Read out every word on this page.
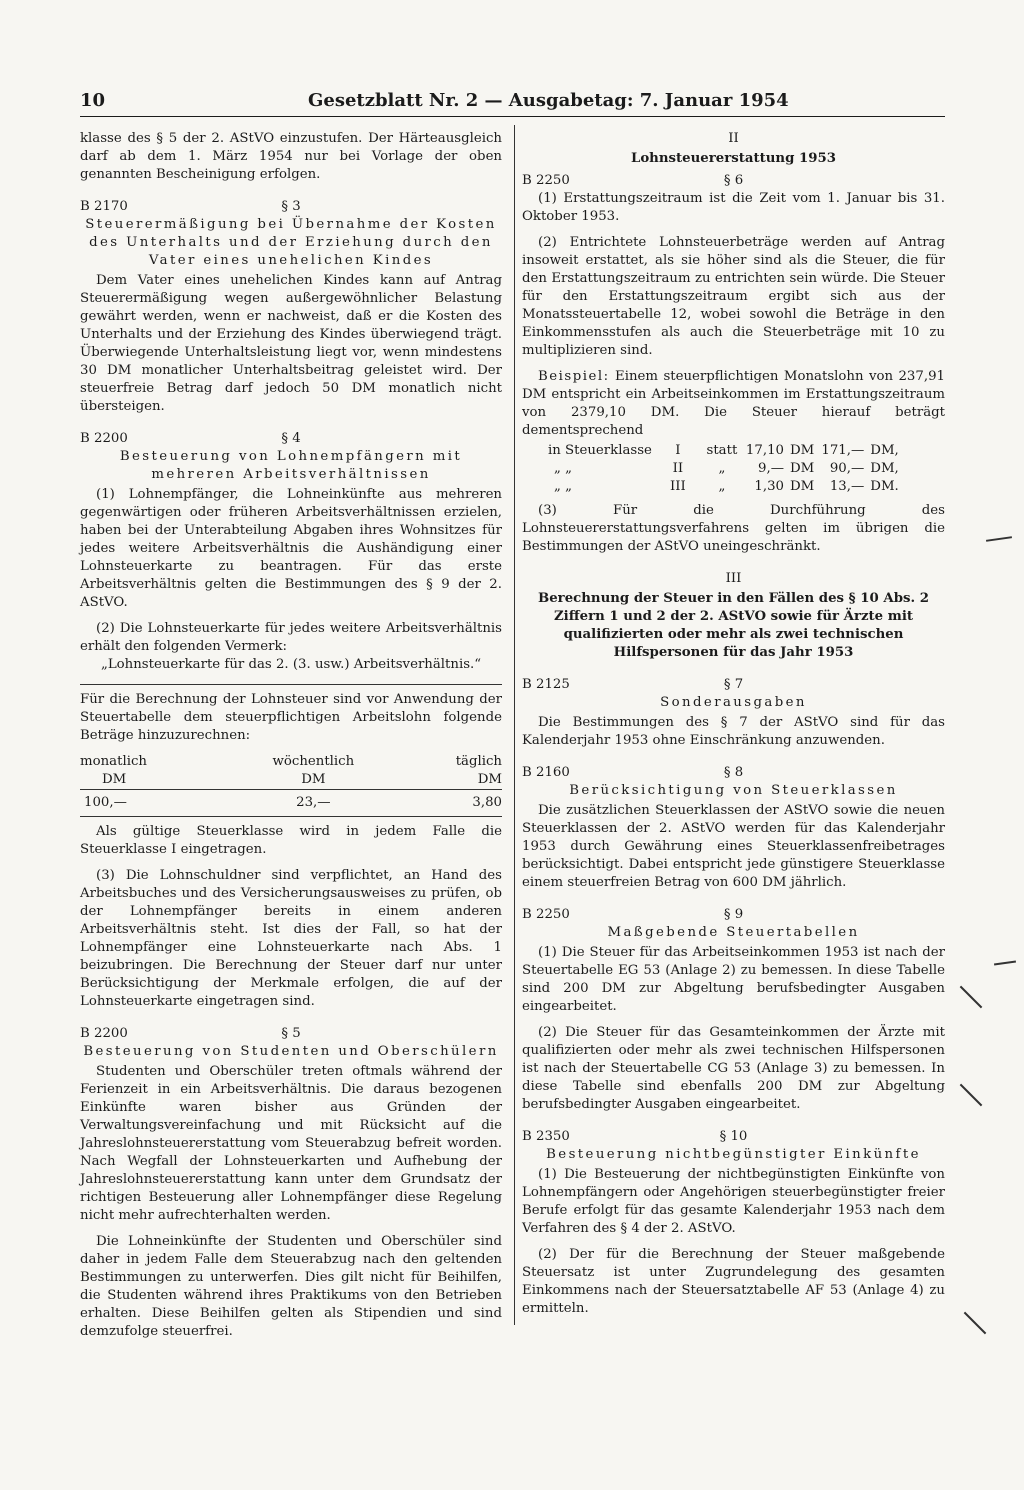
10	Gesetzblatt Nr. 2 — Ausgabetag: 7. Januar 1954

klasse des § 5 der 2. AStVO einzustufen. Der Härteausgleich darf ab dem 1. März 1954 nur bei Vorlage der oben genannten Bescheinigung erfolgen.

B 2170	§ 3

Steuerermäßigung bei Übernahme der Kosten des Unterhalts und der Erziehung durch den Vater eines unehelichen Kindes

Dem Vater eines unehelichen Kindes kann auf Antrag Steuerermäßigung wegen außergewöhnlicher Belastung gewährt werden, wenn er nachweist, daß er die Kosten des Unterhalts und der Erziehung des Kindes überwiegend trägt. Überwiegende Unterhaltsleistung liegt vor, wenn mindestens 30 DM monatlicher Unterhaltsbeitrag geleistet wird. Der steuerfreie Betrag darf jedoch 50 DM monatlich nicht übersteigen.

B 2200	§ 4

Besteuerung von Lohnempfängern mit mehreren Arbeitsverhältnissen

(1) Lohnempfänger, die Lohneinkünfte aus mehreren gegenwärtigen oder früheren Arbeitsverhältnissen erzielen, haben bei der Unterabteilung Abgaben ihres Wohnsitzes für jedes weitere Arbeitsverhältnis die Aushändigung einer Lohnsteuerkarte zu beantragen. Für das erste Arbeitsverhältnis gelten die Bestimmungen des § 9 der 2. AStVO.

(2) Die Lohnsteuerkarte für jedes weitere Arbeitsverhältnis erhält den folgenden Vermerk:

„Lohnsteuerkarte für das 2. (3. usw.) Arbeitsverhältnis.“

Für die Berechnung der Lohnsteuer sind vor Anwendung der Steuertabelle dem steuerpflichtigen Arbeitslohn folgende Beträge hinzuzurechnen:

monatlich	wöchentlich	täglich
DM	DM	DM

100,—	23,—	3,80

Als gültige Steuerklasse wird in jedem Falle die Steuerklasse I eingetragen.

(3) Die Lohnschuldner sind verpflichtet, an Hand des Arbeitsbuches und des Versicherungsausweises zu prüfen, ob der Lohnempfänger bereits in einem anderen Arbeitsverhältnis steht. Ist dies der Fall, so hat der Lohnempfänger eine Lohnsteuerkarte nach Abs. 1 beizubringen. Die Berechnung der Steuer darf nur unter Berücksichtigung der Merkmale erfolgen, die auf der Lohnsteuerkarte eingetragen sind.

B 2200	§ 5

Besteuerung von Studenten und Oberschülern

Studenten und Oberschüler treten oftmals während der Ferienzeit in ein Arbeitsverhältnis. Die daraus bezogenen Einkünfte waren bisher aus Gründen der Verwaltungsvereinfachung und mit Rücksicht auf die Jahreslohnsteuererstattung vom Steuerabzug befreit worden. Nach Wegfall der Lohnsteuerkarten und Aufhebung der Jahreslohnsteuererstattung kann unter dem Grundsatz der richtigen Besteuerung aller Lohnempfänger diese Regelung nicht mehr aufrechterhalten werden.

Die Lohneinkünfte der Studenten und Oberschüler sind daher in jedem Falle dem Steuerabzug nach den geltenden Bestimmungen zu unterwerfen. Dies gilt nicht für Beihilfen, die Studenten während ihres Praktikums von den Betrieben erhalten. Diese Beihilfen gelten als Stipendien und sind demzufolge steuerfrei.

II

Lohnsteuererstattung 1953

B 2250	§ 6

(1) Erstattungszeitraum ist die Zeit vom 1. Januar bis 31. Oktober 1953.

(2) Entrichtete Lohnsteuerbeträge werden auf Antrag insoweit erstattet, als sie höher sind als die Steuer, die für den Erstattungszeitraum zu entrichten sein würde. Die Steuer für den Erstattungszeitraum ergibt sich aus der Monatssteuertabelle 12, wobei sowohl die Beträge in den Einkommensstufen als auch die Steuerbeträge mit 10 zu multiplizieren sind.

Beispiel: Einem steuerpflichtigen Monatslohn von 237,91 DM entspricht ein Arbeitseinkommen im Erstattungszeitraum von 2379,10 DM. Die Steuer hierauf beträgt dementsprechend

in Steuerklasse	I	statt	17,10	DM	171,—	DM,
„ „	II	„	9,—	DM	90,—	DM,
„ „	III	„	1,30	DM	13,—	DM.

(3) Für die Durchführung des Lohnsteuererstattungsverfahrens gelten im übrigen die Bestimmungen der AStVO uneingeschränkt.

III

Berechnung der Steuer in den Fällen des § 10 Abs. 2 Ziffern 1 und 2 der 2. AStVO sowie für Ärzte mit qualifizierten oder mehr als zwei technischen Hilfspersonen für das Jahr 1953

B 2125	§ 7

Sonderausgaben

Die Bestimmungen des § 7 der AStVO sind für das Kalenderjahr 1953 ohne Einschränkung anzuwenden.

B 2160	§ 8

Berücksichtigung von Steuerklassen

Die zusätzlichen Steuerklassen der AStVO sowie die neuen Steuerklassen der 2. AStVO werden für das Kalenderjahr 1953 durch Gewährung eines Steuerklassenfreibetrages berücksichtigt. Dabei entspricht jede günstigere Steuerklasse einem steuerfreien Betrag von 600 DM jährlich.

B 2250	§ 9

Maßgebende Steuertabellen

(1) Die Steuer für das Arbeitseinkommen 1953 ist nach der Steuertabelle EG 53 (Anlage 2) zu bemessen. In diese Tabelle sind 200 DM zur Abgeltung berufsbedingter Ausgaben eingearbeitet.

(2) Die Steuer für das Gesamteinkommen der Ärzte mit qualifizierten oder mehr als zwei technischen Hilfspersonen ist nach der Steuertabelle CG 53 (Anlage 3) zu bemessen. In diese Tabelle sind ebenfalls 200 DM zur Abgeltung berufsbedingter Ausgaben eingearbeitet.

B 2350	§ 10

Besteuerung nichtbegünstigter Einkünfte

(1) Die Besteuerung der nichtbegünstigten Einkünfte von Lohnempfängern oder Angehörigen steuerbegünstigter freier Berufe erfolgt für das gesamte Kalenderjahr 1953 nach dem Verfahren des § 4 der 2. AStVO.

(2) Der für die Berechnung der Steuer maßgebende Steuersatz ist unter Zugrundelegung des gesamten Einkommens nach der Steuersatztabelle AF 53 (Anlage 4) zu ermitteln.
